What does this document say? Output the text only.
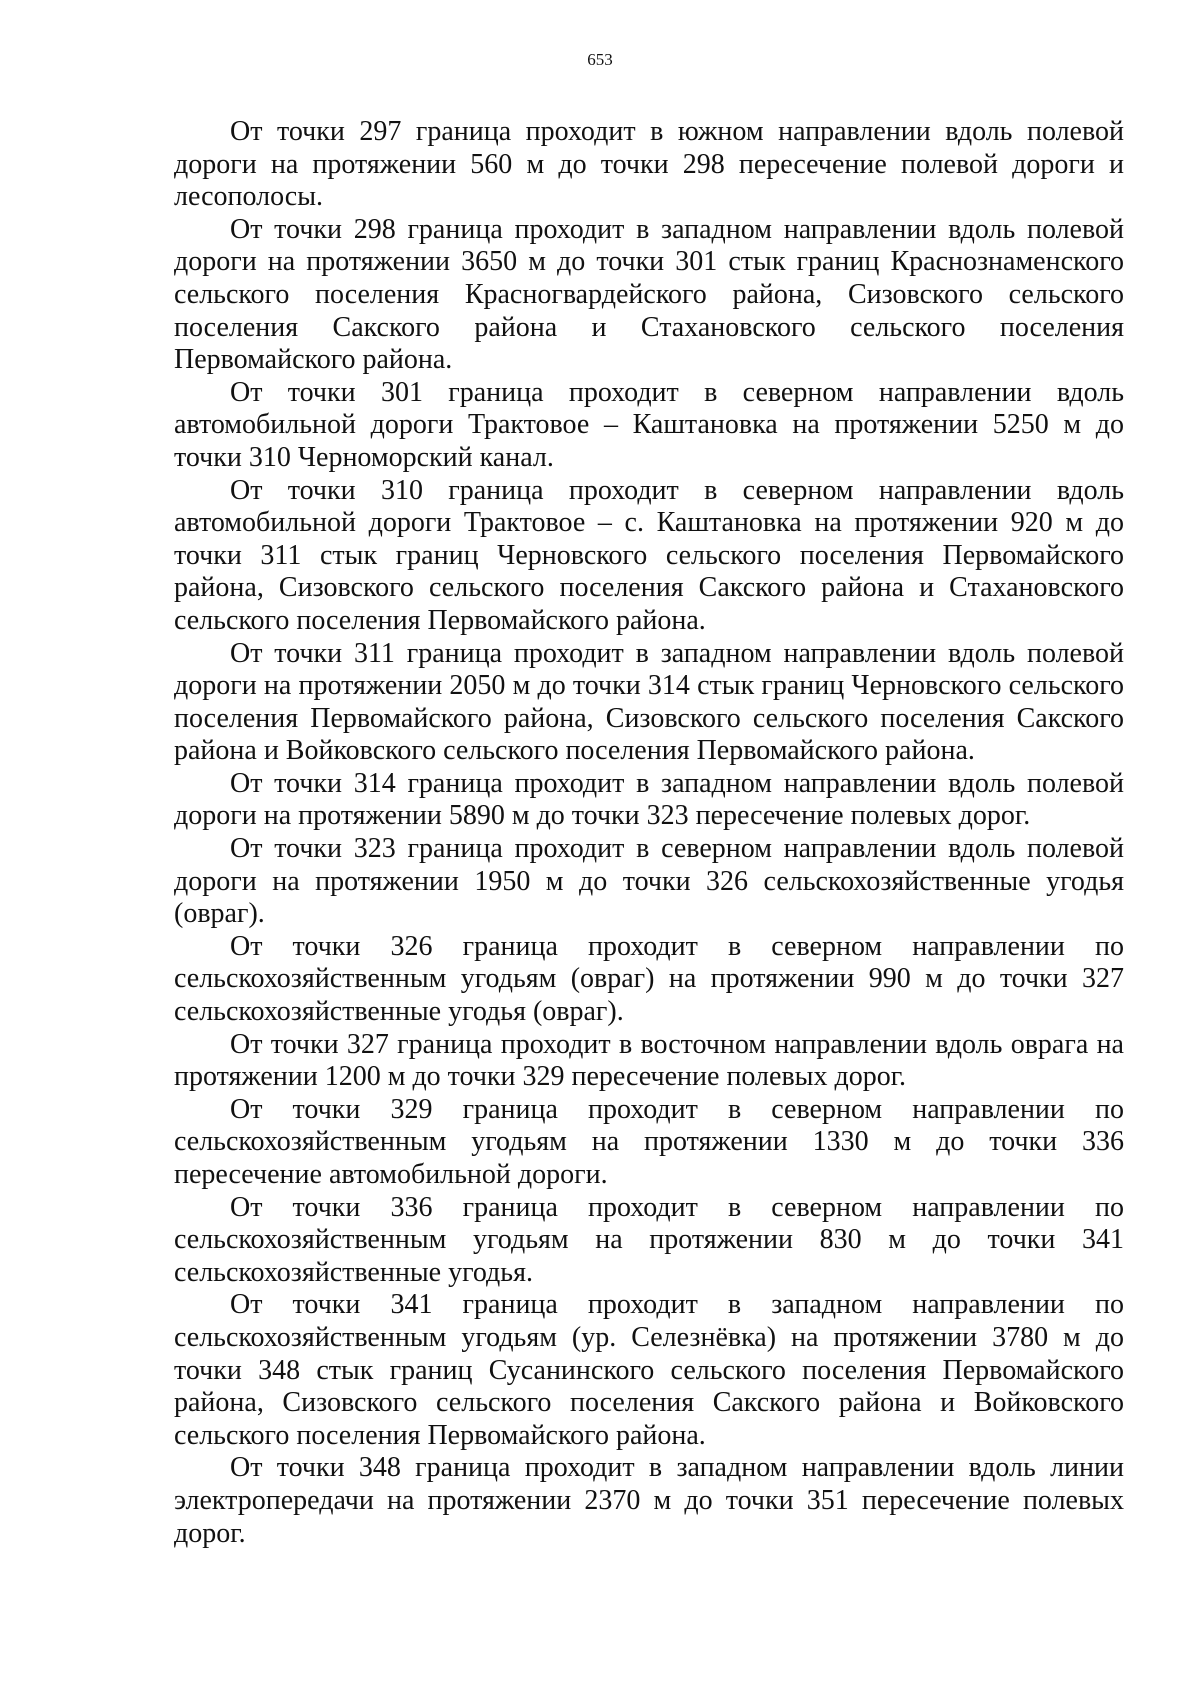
653

От точки 297 граница проходит в южном направлении вдоль полевой дороги на протяжении 560 м до точки 298 пересечение полевой дороги и лесополосы.

От точки 298 граница проходит в западном направлении вдоль полевой дороги на протяжении 3650 м до точки 301 стык границ Краснознаменского сельского поселения Красногвардейского района, Сизовского сельского поселения Сакского района и Стахановского сельского поселения Первомайского района.

От точки 301 граница проходит в северном направлении вдоль автомобильной дороги Трактовое – Каштановка на протяжении 5250 м до точки 310 Черноморский канал.

От точки 310 граница проходит в северном направлении вдоль автомобильной дороги Трактовое – с. Каштановка на протяжении 920 м до точки 311 стык границ Черновского сельского поселения Первомайского района, Сизовского сельского поселения Сакского района и Стахановского сельского поселения Первомайского района.

От точки 311 граница проходит в западном направлении вдоль полевой дороги на протяжении 2050 м до точки 314 стык границ Черновского сельского поселения Первомайского района, Сизовского сельского поселения Сакского района и Войковского сельского поселения Первомайского района.

От точки 314 граница проходит в западном направлении вдоль полевой дороги на протяжении 5890 м до точки 323 пересечение полевых дорог.

От точки 323 граница проходит в северном направлении вдоль полевой дороги на протяжении 1950 м до точки 326 сельскохозяйственные угодья (овраг).

От точки 326 граница проходит в северном направлении по сельскохозяйственным угодьям (овраг) на протяжении 990 м до точки 327 сельскохозяйственные угодья (овраг).

От точки 327 граница проходит в восточном направлении вдоль оврага на протяжении 1200 м до точки 329 пересечение полевых дорог.

От точки 329 граница проходит в северном направлении по сельскохозяйственным угодьям на протяжении 1330 м до точки 336 пересечение автомобильной дороги.

От точки 336 граница проходит в северном направлении по сельскохозяйственным угодьям на протяжении 830 м до точки 341 сельскохозяйственные угодья.

От точки 341 граница проходит в западном направлении по сельскохозяйственным угодьям (ур. Селезнёвка) на протяжении 3780 м до точки 348 стык границ Сусанинского сельского поселения Первомайского района, Сизовского сельского поселения Сакского района и Войковского сельского поселения Первомайского района.

От точки 348 граница проходит в западном направлении вдоль линии электропередачи на протяжении 2370 м до точки 351 пересечение полевых дорог.
